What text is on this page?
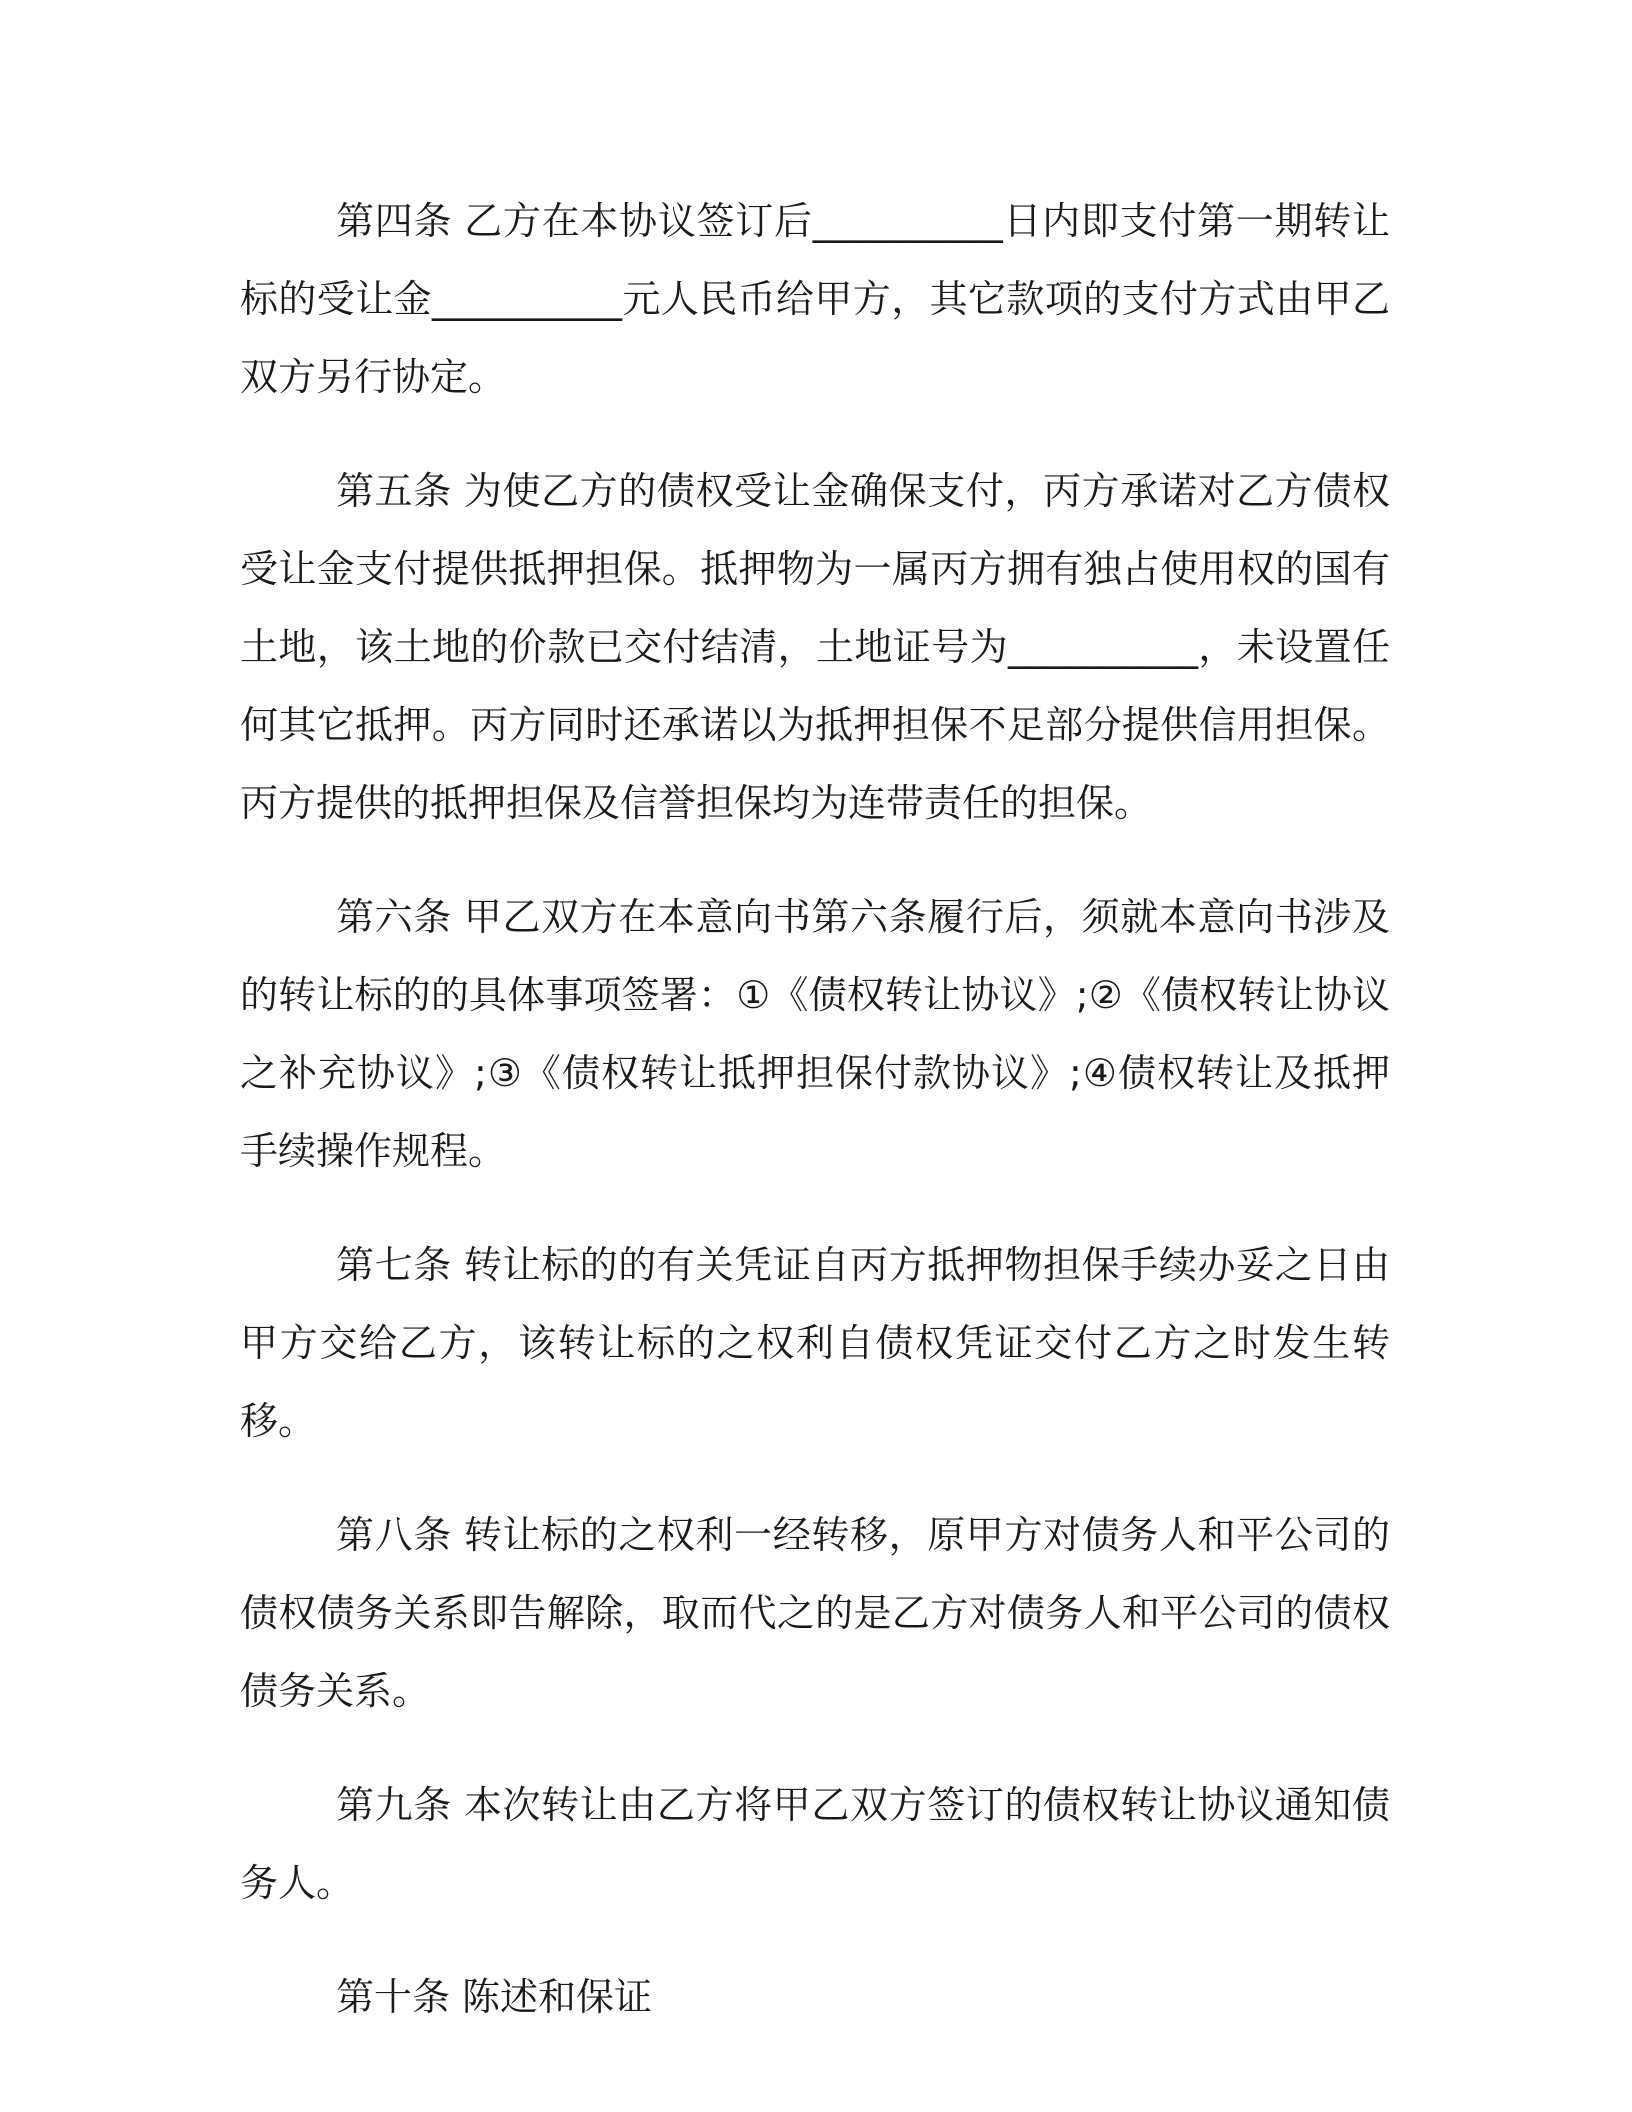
第四条 乙方在本协议签订后__________日内即支付第一期转让标的受让金__________元人民币给甲方，其它款项的支付方式由甲乙双方另行协定。

第五条 为使乙方的债权受让金确保支付，丙方承诺对乙方债权受让金支付提供抵押担保。抵押物为一属丙方拥有独占使用权的国有土地，该土地的价款已交付结清，土地证号为__________，未设置任何其它抵押。丙方同时还承诺以为抵押担保不足部分提供信用担保。丙方提供的抵押担保及信誉担保均为连带责任的担保。

第六条 甲乙双方在本意向书第六条履行后，须就本意向书涉及的转让标的的具体事项签署：①《债权转让协议》;②《债权转让协议之补充协议》;③《债权转让抵押担保付款协议》;④债权转让及抵押手续操作规程。

第七条 转让标的的有关凭证自丙方抵押物担保手续办妥之日由甲方交给乙方，该转让标的之权利自债权凭证交付乙方之时发生转移。

第八条 转让标的之权利一经转移，原甲方对债务人和平公司的债权债务关系即告解除，取而代之的是乙方对债务人和平公司的债权债务关系。

第九条 本次转让由乙方将甲乙双方签订的债权转让协议通知债务人。

第十条 陈述和保证
